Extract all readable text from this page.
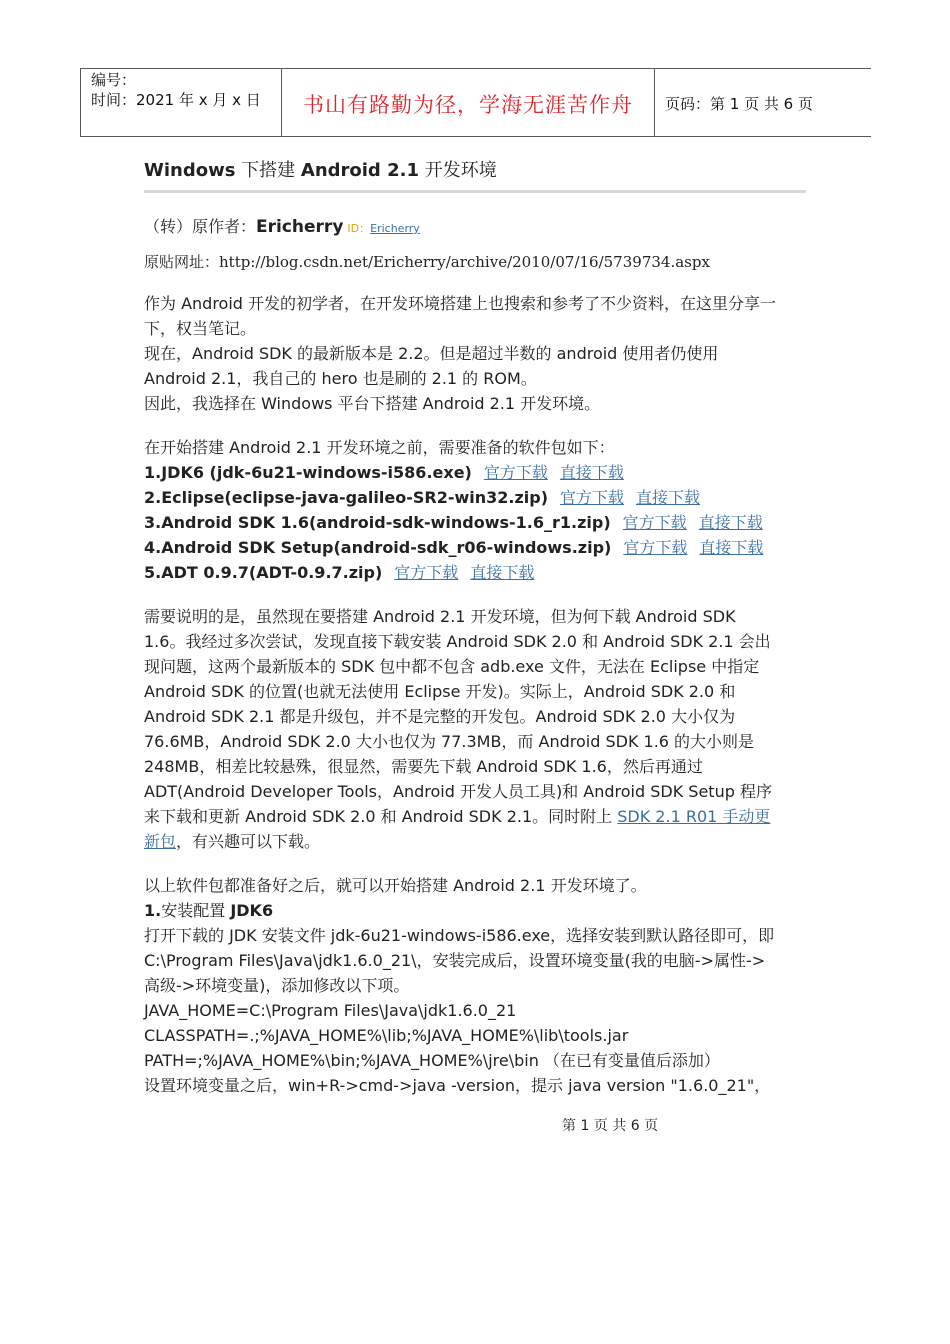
编号：
时间：2021 年 x 月 x 日	书山有路勤为径，学海无涯苦作舟	页码：第 1 页 共 6 页
Windows 下搭建 Android 2.1 开发环境
（转）原作者：Ericherry ID：Ericherry
原贴网址：http://blog.csdn.net/Ericherry/archive/2010/07/16/5739734.aspx
作为 Android 开发的初学者，在开发环境搭建上也搜索和参考了不少资料，在这里分享一
下，权当笔记。
现在，Android SDK 的最新版本是 2.2。但是超过半数的 android 使用者仍使用
Android 2.1，我自己的 hero 也是刷的 2.1 的 ROM。
因此，我选择在 Windows 平台下搭建 Android 2.1 开发环境。
在开始搭建 Android 2.1 开发环境之前，需要准备的软件包如下：
1.JDK6 (jdk-6u21-windows-i586.exe) 官方下载 直接下载
2.Eclipse(eclipse-java-galileo-SR2-win32.zip) 官方下载 直接下载
3.Android SDK 1.6(android-sdk-windows-1.6_r1.zip) 官方下载 直接下载
4.Android SDK Setup(android-sdk_r06-windows.zip) 官方下载 直接下载
5.ADT 0.9.7(ADT-0.9.7.zip) 官方下载 直接下载
需要说明的是，虽然现在要搭建 Android 2.1 开发环境，但为何下载 Android SDK
1.6。我经过多次尝试，发现直接下载安装 Android SDK 2.0 和 Android SDK 2.1 会出
现问题，这两个最新版本的 SDK 包中都不包含 adb.exe 文件，无法在 Eclipse 中指定
Android SDK 的位置(也就无法使用 Eclipse 开发)。实际上，Android SDK 2.0 和
Android SDK 2.1 都是升级包，并不是完整的开发包。Android SDK 2.0 大小仅为
76.6MB，Android SDK 2.0 大小也仅为 77.3MB，而 Android SDK 1.6 的大小则是
248MB，相差比较悬殊，很显然，需要先下载 Android SDK 1.6，然后再通过
ADT(Android Developer Tools，Android 开发人员工具)和 Android SDK Setup 程序
来下载和更新 Android SDK 2.0 和 Android SDK 2.1。同时附上 SDK 2.1 R01 手动更
新包，有兴趣可以下载。
以上软件包都准备好之后，就可以开始搭建 Android 2.1 开发环境了。
1.安装配置 JDK6
打开下载的 JDK 安装文件 jdk-6u21-windows-i586.exe，选择安装到默认路径即可，即
C:\Program Files\Java\jdk1.6.0_21\，安装完成后，设置环境变量(我的电脑->属性->
高级->环境变量)，添加修改以下项。
JAVA_HOME=C:\Program Files\Java\jdk1.6.0_21
CLASSPATH=.;%JAVA_HOME%\lib;%JAVA_HOME%\lib\tools.jar
PATH=;%JAVA_HOME%\bin;%JAVA_HOME%\jre\bin （在已有变量值后添加）
设置环境变量之后，win+R->cmd->java -version，提示 java version "1.6.0_21"，
第 1 页 共 6 页
